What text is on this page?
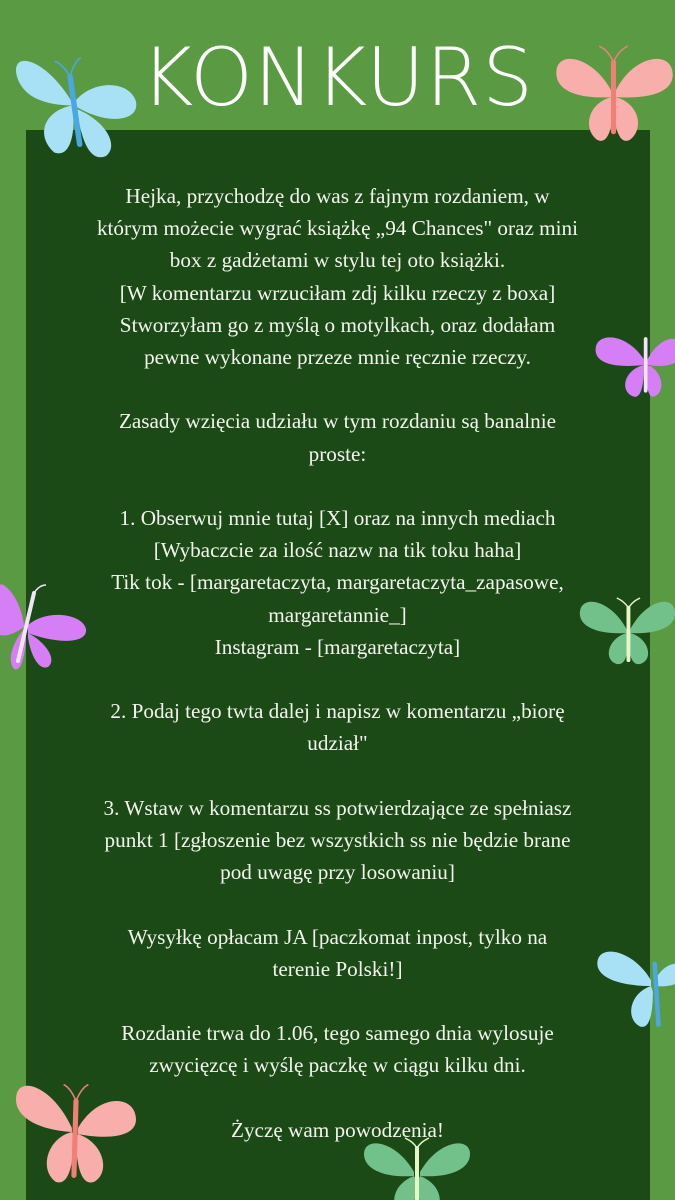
KONKURS

Hejka, przychodzę do was z fajnym rozdaniem, w

którym możecie wygrać książkę „94 Chances" oraz mini

box z gadżetami w stylu tej oto książki.

[W komentarzu wrzuciłam zdj kilku rzeczy z boxa]

Stworzyłam go z myślą o motylkach, oraz dodałam

pewne wykonane przeze mnie ręcznie rzeczy.

Zasady wzięcia udziału w tym rozdaniu są banalnie

proste:

1. Obserwuj mnie tutaj [X] oraz na innych mediach

[Wybaczcie za ilość nazw na tik toku haha]

Tik tok - [margaretaczyta, margaretaczyta_zapasowe,

margaretannie_]

Instagram - [margaretaczyta]

2. Podaj tego twta dalej i napisz w komentarzu „biorę

udział"

3. Wstaw w komentarzu ss potwierdzające ze spełniasz

punkt 1 [zgłoszenie bez wszystkich ss nie będzie brane

pod uwagę przy losowaniu]

Wysyłkę opłacam JA [paczkomat inpost, tylko na

terenie Polski!]

Rozdanie trwa do 1.06, tego samego dnia wylosuje

zwycięzcę i wyślę paczkę w ciągu kilku dni.

Życzę wam powodzenia!
